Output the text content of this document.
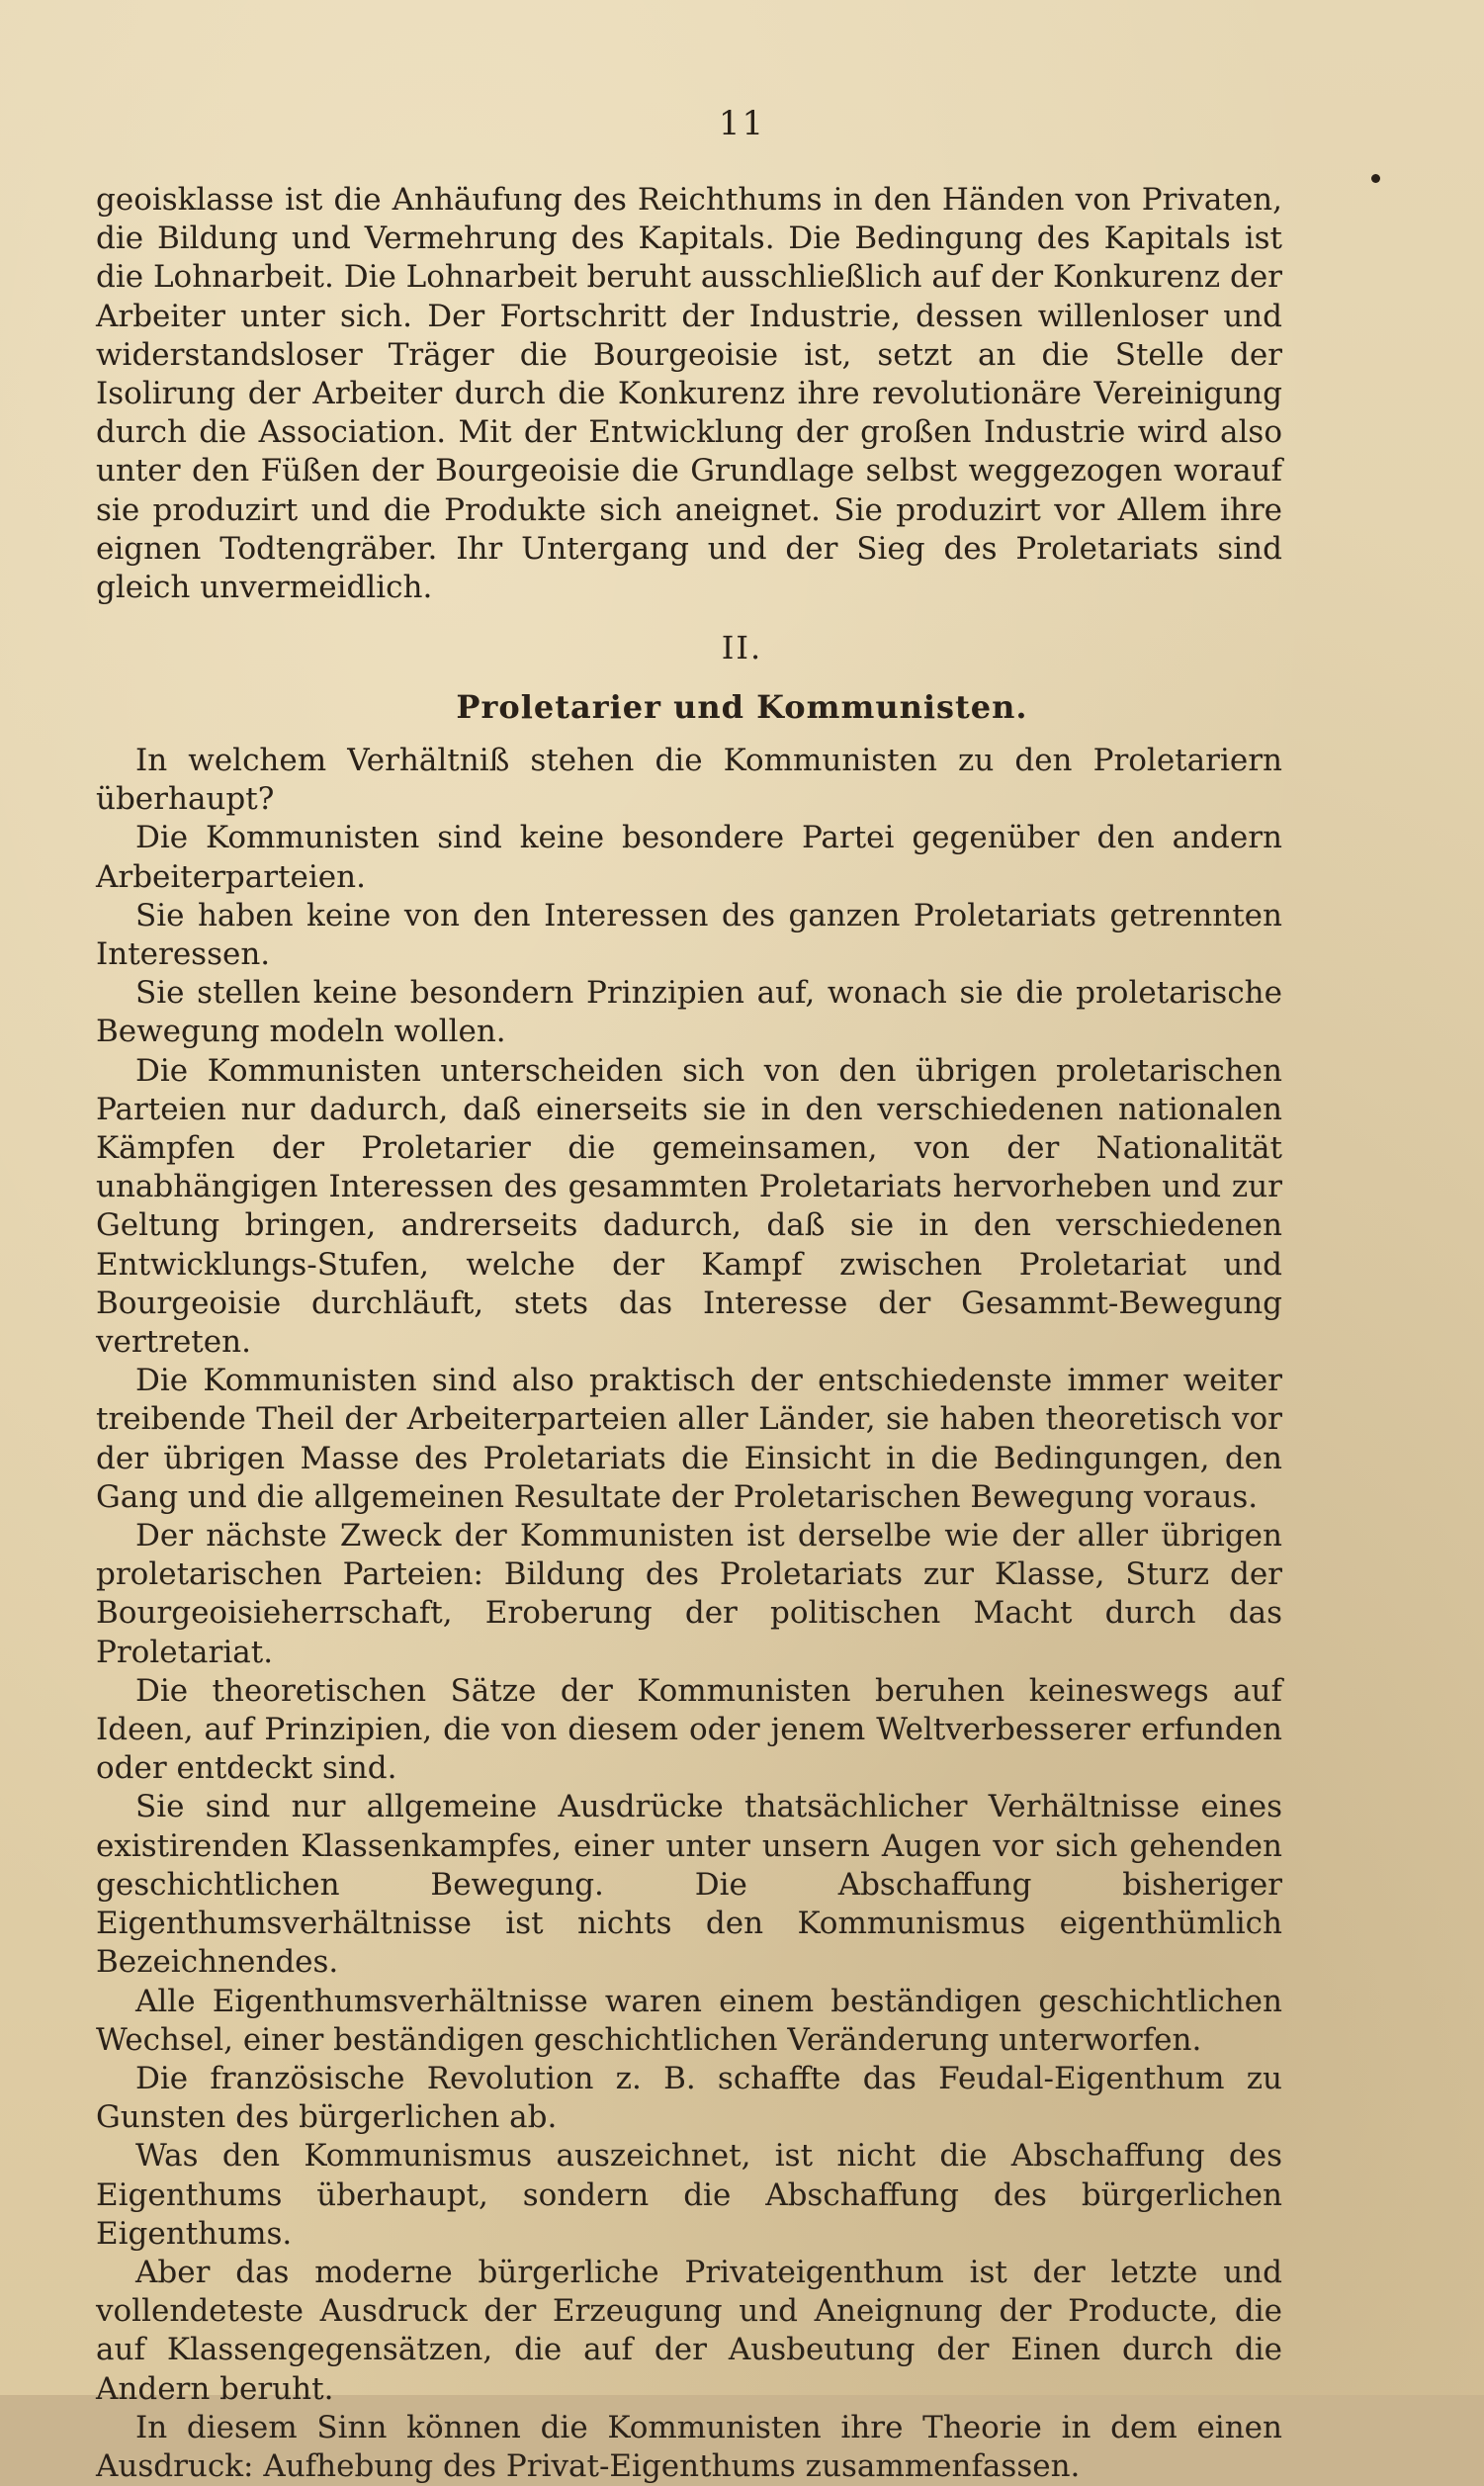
11
geoisklasse ist die Anhäufung des Reichthums in den Händen von Privaten, die Bildung und Vermehrung des Kapitals. Die Bedingung des Kapitals ist die Lohnarbeit. Die Lohnarbeit beruht ausschließlich auf der Konkurenz der Arbeiter unter sich. Der Fortschritt der Industrie, dessen willenloser und widerstandsloser Träger die Bourgeoisie ist, setzt an die Stelle der Isolirung der Arbeiter durch die Konkurenz ihre revolutionäre Vereinigung durch die Association. Mit der Entwicklung der großen Industrie wird also unter den Füßen der Bourgeoisie die Grundlage selbst weggezogen worauf sie produzirt und die Produkte sich aneignet. Sie produzirt vor Allem ihre eignen Todtengräber. Ihr Untergang und der Sieg des Proletariats sind gleich unvermeidlich.
II.
Proletarier und Kommunisten.

In welchem Verhältniß stehen die Kommunisten zu den Proletariern überhaupt?

Die Kommunisten sind keine besondere Partei gegenüber den andern Arbeiterparteien.

Sie haben keine von den Interessen des ganzen Proletariats getrennten Interessen.

Sie stellen keine besondern Prinzipien auf, wonach sie die proletarische Bewegung modeln wollen.

Die Kommunisten unterscheiden sich von den übrigen proletarischen Parteien nur dadurch, daß einerseits sie in den verschiedenen nationalen Kämpfen der Proletarier die gemeinsamen, von der Nationalität unabhängigen Interessen des gesammten Proletariats hervorheben und zur Geltung bringen, andrerseits dadurch, daß sie in den verschiedenen Entwicklungs-Stufen, welche der Kampf zwischen Proletariat und Bourgeoisie durchläuft, stets das Interesse der Gesammt-Bewegung vertreten.

Die Kommunisten sind also praktisch der entschiedenste immer weiter treibende Theil der Arbeiterparteien aller Länder, sie haben theoretisch vor der übrigen Masse des Proletariats die Einsicht in die Bedingungen, den Gang und die allgemeinen Resultate der Proletarischen Bewegung voraus.

Der nächste Zweck der Kommunisten ist derselbe wie der aller übrigen proletarischen Parteien: Bildung des Proletariats zur Klasse, Sturz der Bourgeoisieherrschaft, Eroberung der politischen Macht durch das Proletariat.

Die theoretischen Sätze der Kommunisten beruhen keineswegs auf Ideen, auf Prinzipien, die von diesem oder jenem Weltverbesserer erfunden oder entdeckt sind.

Sie sind nur allgemeine Ausdrücke thatsächlicher Verhältnisse eines existirenden Klassenkampfes, einer unter unsern Augen vor sich gehenden geschichtlichen Bewegung. Die Abschaffung bisheriger Eigenthumsverhältnisse ist nichts den Kommunismus eigenthümlich Bezeichnendes.

Alle Eigenthumsverhältnisse waren einem beständigen geschichtlichen Wechsel, einer beständigen geschichtlichen Veränderung unterworfen.

Die französische Revolution z. B. schaffte das Feudal-Eigenthum zu Gunsten des bürgerlichen ab.

Was den Kommunismus auszeichnet, ist nicht die Abschaffung des Eigenthums überhaupt, sondern die Abschaffung des bürgerlichen Eigenthums.

Aber das moderne bürgerliche Privateigenthum ist der letzte und vollendeteste Ausdruck der Erzeugung und Aneignung der Producte, die auf Klassengegensätzen, die auf der Ausbeutung der Einen durch die Andern beruht.

In diesem Sinn können die Kommunisten ihre Theorie in dem einen Ausdruck: Aufhebung des Privat-Eigenthums zusammenfassen.
